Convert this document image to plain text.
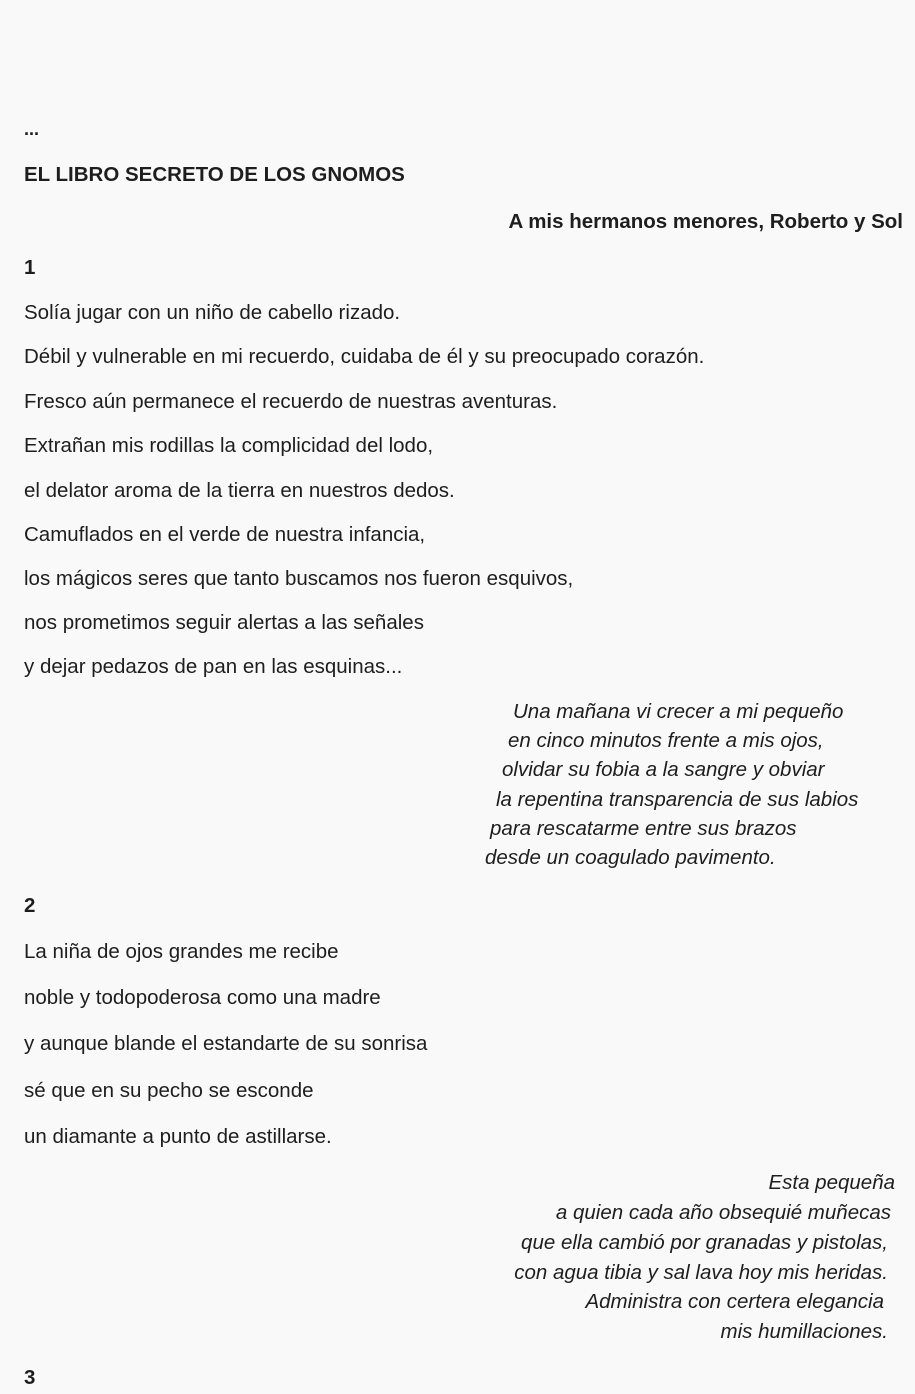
...
EL LIBRO SECRETO DE LOS GNOMOS
A mis hermanos menores, Roberto y Sol
1
Solía jugar con un niño de cabello rizado.
Débil y vulnerable en mi recuerdo, cuidaba de él y su preocupado corazón.
Fresco aún permanece el recuerdo de nuestras aventuras.
Extrañan mis rodillas la complicidad del lodo,
el delator aroma de la tierra en nuestros dedos.
Camuflados en el verde de nuestra infancia,
los mágicos seres que tanto buscamos nos fueron esquivos,
nos prometimos seguir alertas a las señales
y dejar pedazos de pan en las esquinas...
Una mañana vi crecer a mi pequeño
en cinco minutos frente a mis ojos,
olvidar su fobia a la sangre y obviar
la repentina transparencia de sus labios
para rescatarme entre sus brazos
desde un coagulado pavimento.
2
La niña de ojos grandes me recibe
noble y todopoderosa como una madre
y aunque blande el estandarte de su sonrisa
sé que en su pecho se esconde
un diamante a punto de astillarse.
Esta pequeña
a quien cada año obsequié muñecas
que ella cambió por granadas y pistolas,
con agua tibia y sal lava hoy mis heridas.
Administra con certera elegancia
mis humillaciones.
3
